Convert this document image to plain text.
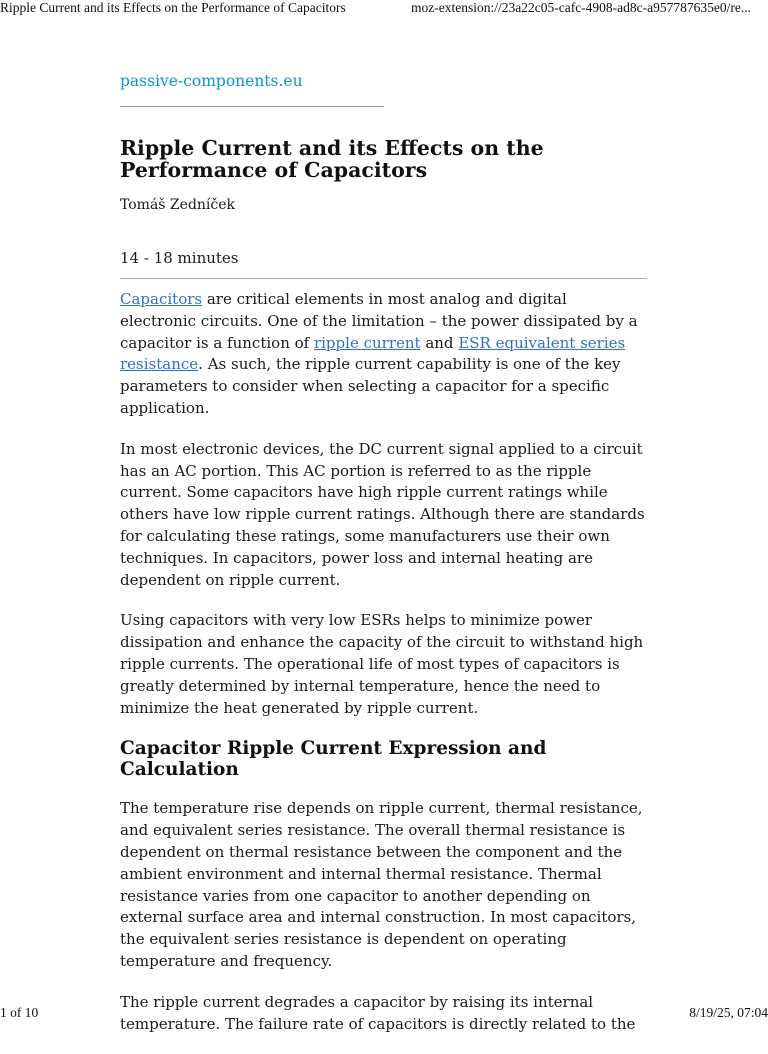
Ripple Current and its Effects on the Performance of Capacitors	moz-extension://23a22c05-cafc-4908-ad8c-a957787635e0/re...
passive-components.eu
Ripple Current and its Effects on the Performance of Capacitors
Tomáš Zedníček
14 - 18 minutes

Capacitors are critical elements in most analog and digital electronic circuits. One of the limitation – the power dissipated by a capacitor is a function of ripple current and ESR equivalent series resistance. As such, the ripple current capability is one of the key parameters to consider when selecting a capacitor for a specific application.

In most electronic devices, the DC current signal applied to a circuit has an AC portion. This AC portion is referred to as the ripple current. Some capacitors have high ripple current ratings while others have low ripple current ratings. Although there are standards for calculating these ratings, some manufacturers use their own techniques. In capacitors, power loss and internal heating are dependent on ripple current.

Using capacitors with very low ESRs helps to minimize power dissipation and enhance the capacity of the circuit to withstand high ripple currents. The operational life of most types of capacitors is greatly determined by internal temperature, hence the need to minimize the heat generated by ripple current.

Capacitor Ripple Current Expression and Calculation

The temperature rise depends on ripple current, thermal resistance, and equivalent series resistance. The overall thermal resistance is dependent on thermal resistance between the component and the ambient environment and internal thermal resistance. Thermal resistance varies from one capacitor to another depending on external surface area and internal construction. In most capacitors, the equivalent series resistance is dependent on operating temperature and frequency.

The ripple current degrades a capacitor by raising its internal temperature. The failure rate of capacitors is directly related to the

1 of 10	8/19/25, 07:04
